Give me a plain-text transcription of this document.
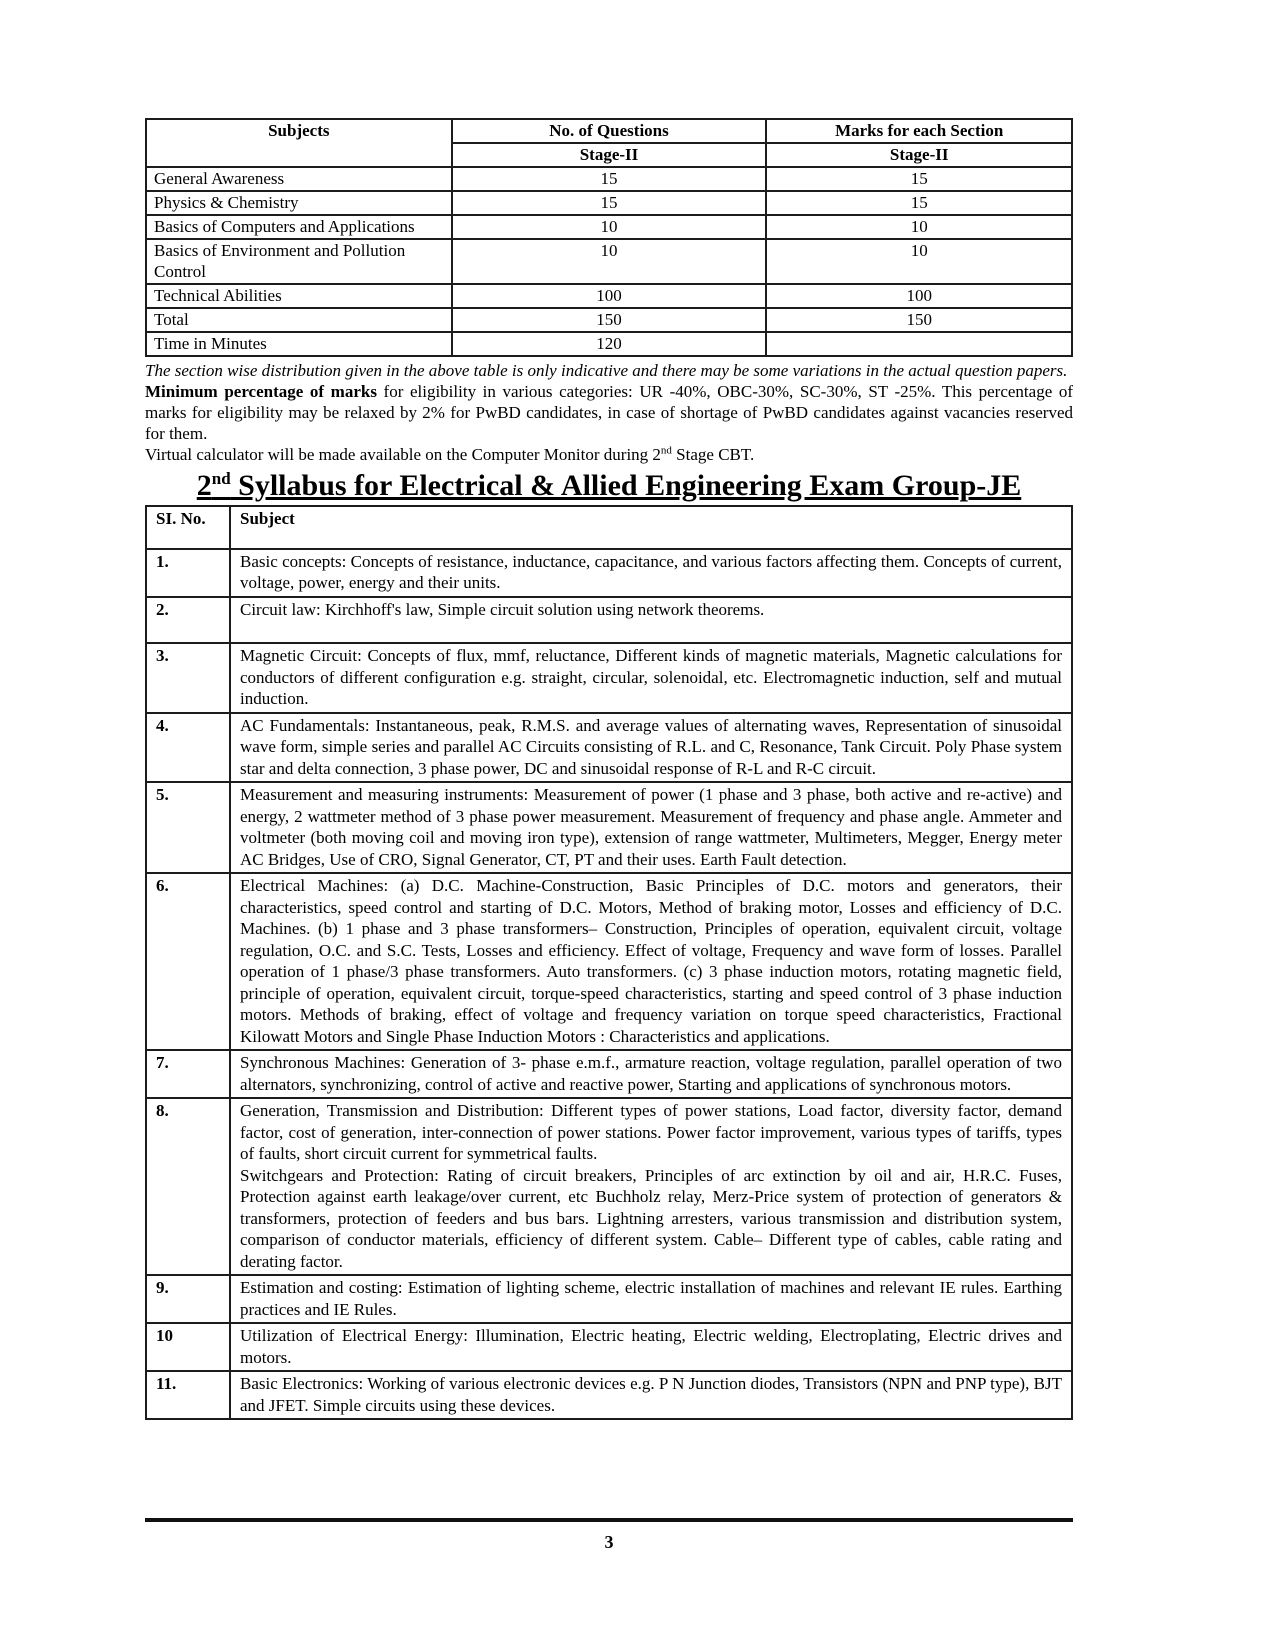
Subjects	No. of Questions	Marks for each Section
	Stage-II	Stage-II
General Awareness	15	15
Physics & Chemistry	15	15
Basics of Computers and Applications	10	10
Basics of Environment and Pollution Control	10	10
Technical Abilities	100	100
Total	150	150
Time in Minutes	120	
The section wise distribution given in the above table is only indicative and there may be some variations in the actual question papers.
Minimum percentage of marks for eligibility in various categories: UR -40%, OBC-30%, SC-30%, ST -25%. This percentage of marks for eligibility may be relaxed by 2% for PwBD candidates, in case of shortage of PwBD candidates against vacancies reserved for them.
Virtual calculator will be made available on the Computer Monitor during 2nd Stage CBT.
2nd Syllabus for Electrical & Allied Engineering Exam Group-JE
SI. No.	Subject
1.	Basic concepts: Concepts of resistance, inductance, capacitance, and various factors affecting them. Concepts of current, voltage, power, energy and their units.
2.	Circuit law: Kirchhoff's law, Simple circuit solution using network theorems.
3.	Magnetic Circuit: Concepts of flux, mmf, reluctance, Different kinds of magnetic materials, Magnetic calculations for conductors of different configuration e.g. straight, circular, solenoidal, etc. Electromagnetic induction, self and mutual induction.
4.	AC Fundamentals: Instantaneous, peak, R.M.S. and average values of alternating waves, Representation of sinusoidal wave form, simple series and parallel AC Circuits consisting of R.L. and C, Resonance, Tank Circuit. Poly Phase system star and delta connection, 3 phase power, DC and sinusoidal response of R-L and R-C circuit.
5.	Measurement and measuring instruments: Measurement of power (1 phase and 3 phase, both active and re-active) and energy, 2 wattmeter method of 3 phase power measurement. Measurement of frequency and phase angle. Ammeter and voltmeter (both moving coil and moving iron type), extension of range wattmeter, Multimeters, Megger, Energy meter AC Bridges, Use of CRO, Signal Generator, CT, PT and their uses. Earth Fault detection.
6.	Electrical Machines: (a) D.C. Machine-Construction, Basic Principles of D.C. motors and generators, their characteristics, speed control and starting of D.C. Motors, Method of braking motor, Losses and efficiency of D.C. Machines. (b) 1 phase and 3 phase transformers– Construction, Principles of operation, equivalent circuit, voltage regulation, O.C. and S.C. Tests, Losses and efficiency. Effect of voltage, Frequency and wave form of losses. Parallel operation of 1 phase/3 phase transformers. Auto transformers. (c) 3 phase induction motors, rotating magnetic field, principle of operation, equivalent circuit, torque-speed characteristics, starting and speed control of 3 phase induction motors. Methods of braking, effect of voltage and frequency variation on torque speed characteristics, Fractional Kilowatt Motors and Single Phase Induction Motors : Characteristics and applications.
7.	Synchronous Machines: Generation of 3- phase e.m.f., armature reaction, voltage regulation, parallel operation of two alternators, synchronizing, control of active and reactive power, Starting and applications of synchronous motors.
8.	Generation, Transmission and Distribution: Different types of power stations, Load factor, diversity factor, demand factor, cost of generation, inter-connection of power stations. Power factor improvement, various types of tariffs, types of faults, short circuit current for symmetrical faults.
Switchgears and Protection: Rating of circuit breakers, Principles of arc extinction by oil and air, H.R.C. Fuses, Protection against earth leakage/over current, etc Buchholz relay, Merz-Price system of protection of generators & transformers, protection of feeders and bus bars. Lightning arresters, various transmission and distribution system, comparison of conductor materials, efficiency of different system. Cable– Different type of cables, cable rating and derating factor.

9.	Estimation and costing: Estimation of lighting scheme, electric installation of machines and relevant IE rules. Earthing practices and IE Rules.
10	Utilization of Electrical Energy: Illumination, Electric heating, Electric welding, Electroplating, Electric drives and motors.
11.	Basic Electronics: Working of various electronic devices e.g. P N Junction diodes, Transistors (NPN and PNP type), BJT and JFET. Simple circuits using these devices.
3
